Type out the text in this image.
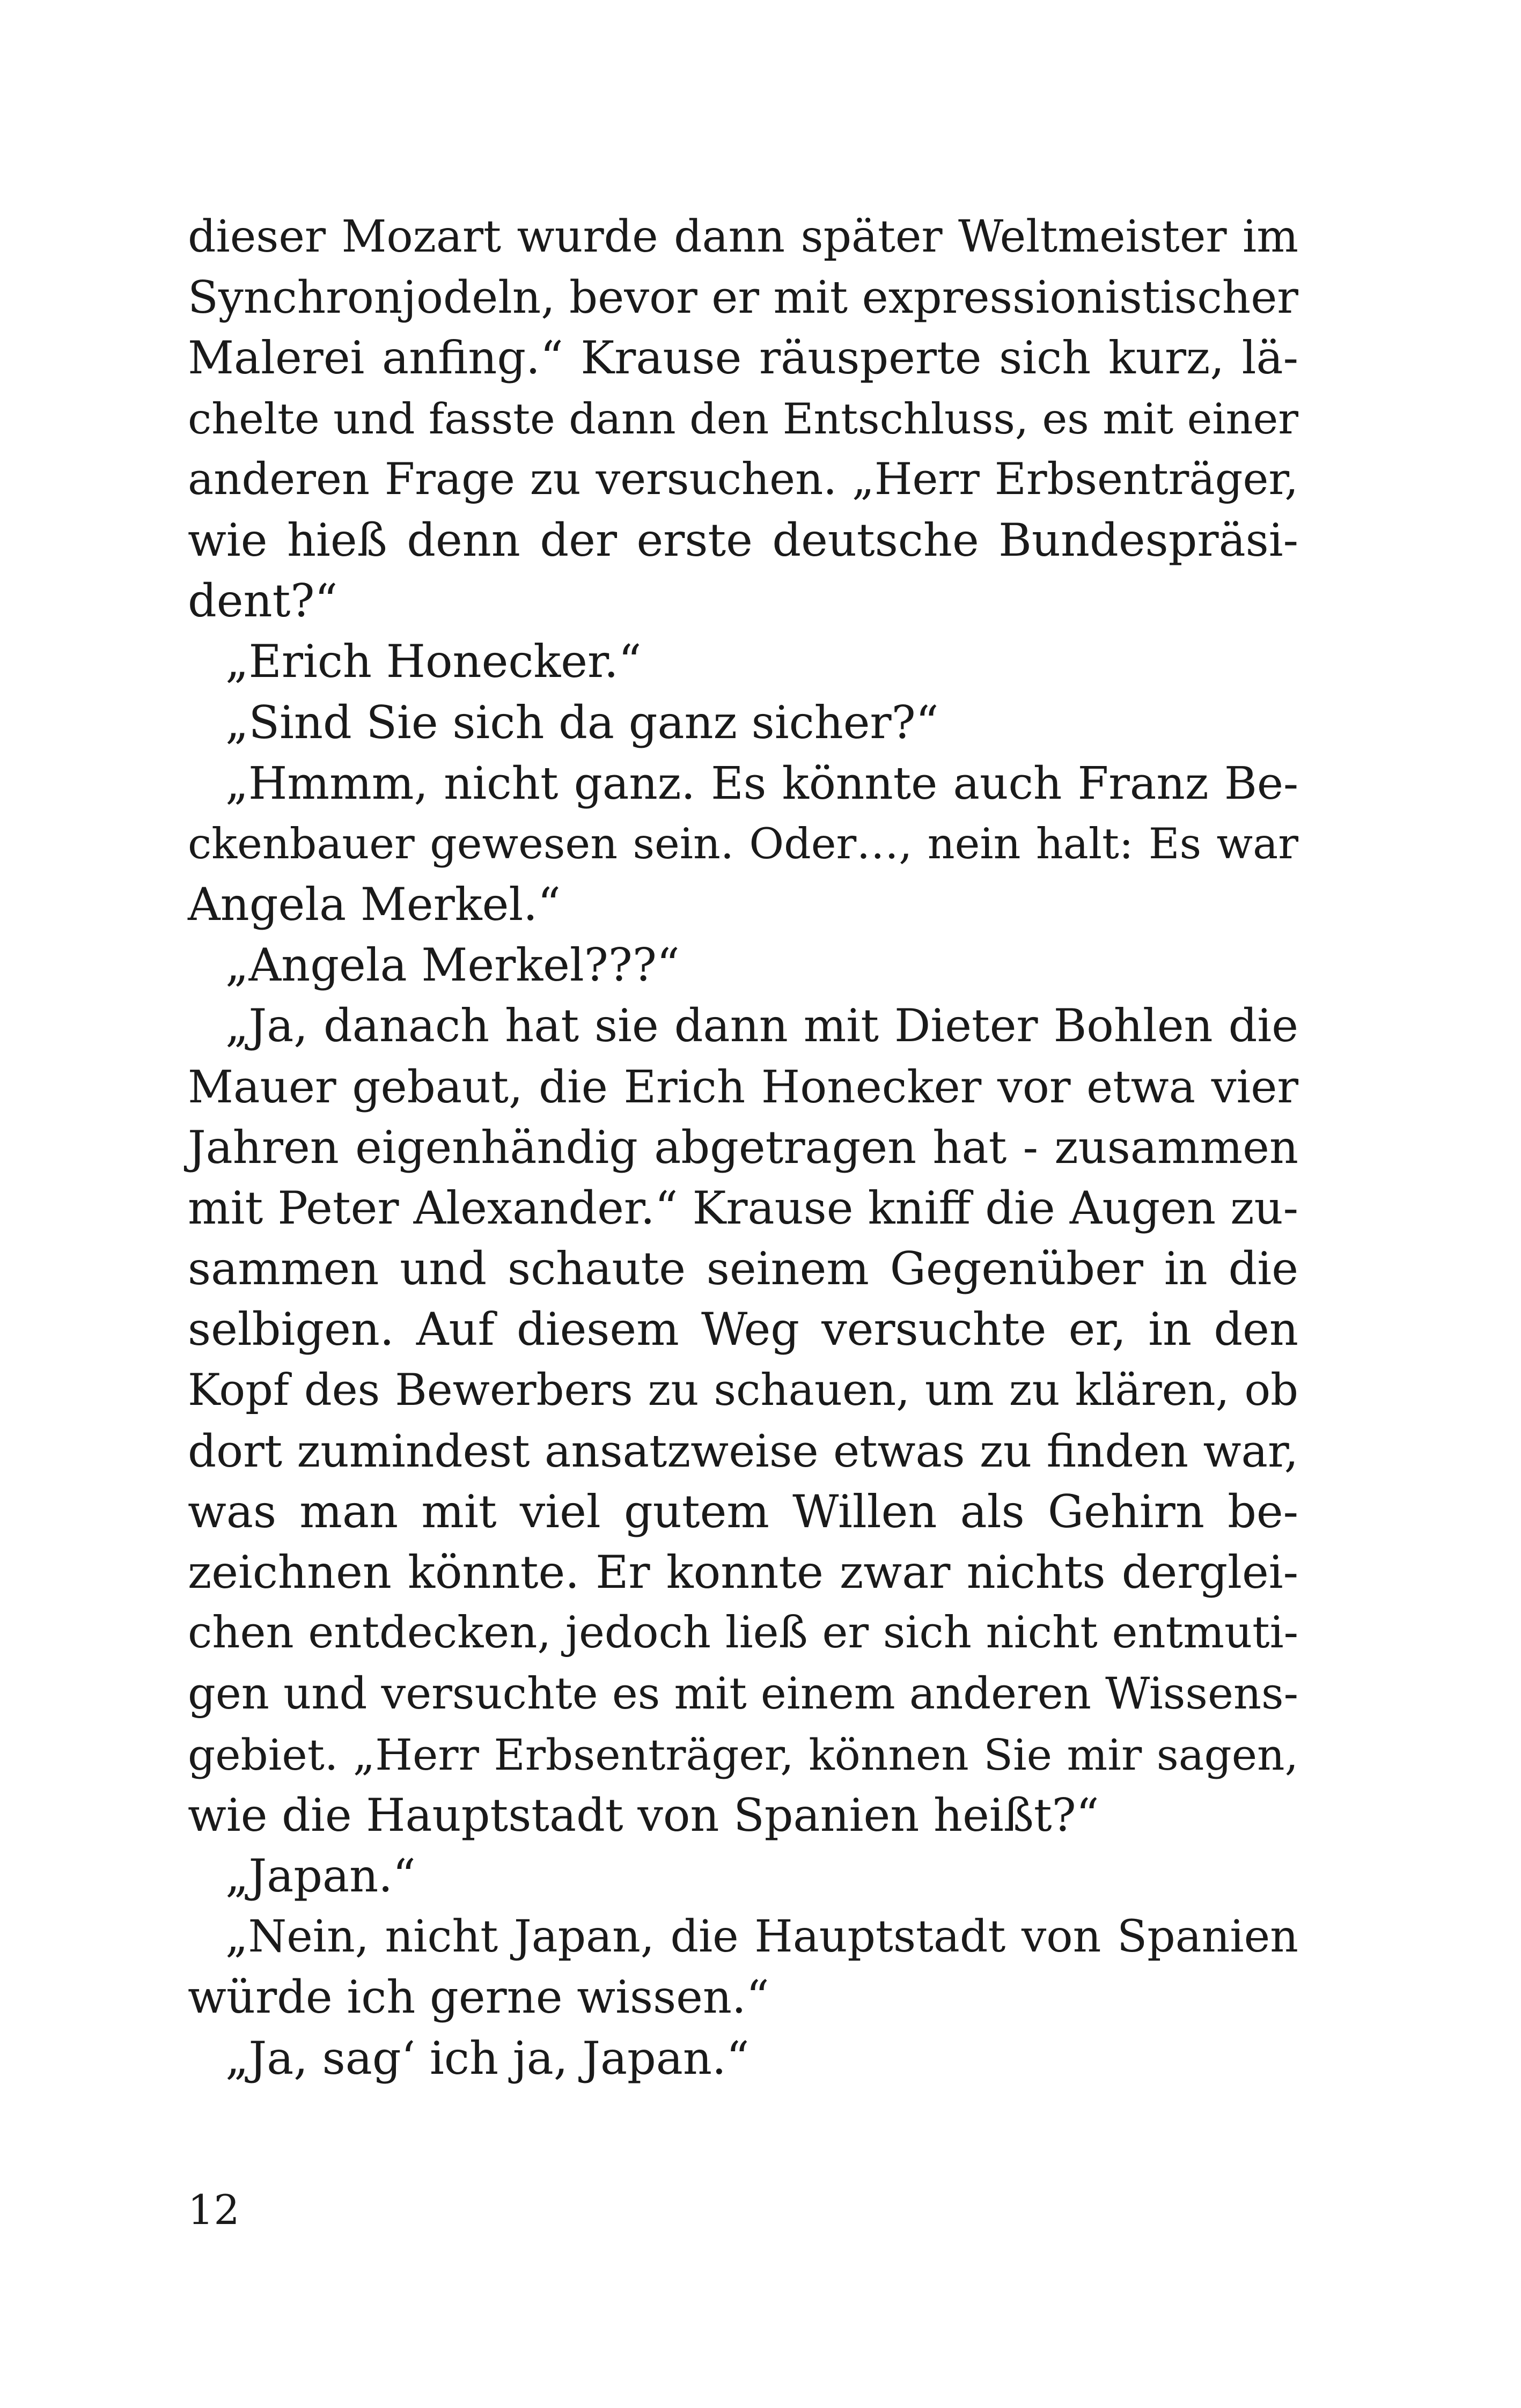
dieser Mozart wurde dann später Weltmeister im
Synchronjodeln, bevor er mit expressionistischer
Malerei anfing.“ Krause räusperte sich kurz, lä-
chelte und fasste dann den Entschluss, es mit einer
anderen Frage zu versuchen. „Herr Erbsenträger,
wie hieß denn der erste deutsche Bundespräsi-
dent?“
„Erich Honecker.“
„Sind Sie sich da ganz sicher?“
„Hmmm, nicht ganz. Es könnte auch Franz Be-
ckenbauer gewesen sein. Oder…, nein halt: Es war
Angela Merkel.“
„Angela Merkel???“
„Ja, danach hat sie dann mit Dieter Bohlen die
Mauer gebaut, die Erich Honecker vor etwa vier
Jahren eigenhändig abgetragen hat - zusammen
mit Peter Alexander.“ Krause kniff die Augen zu-
sammen und schaute seinem Gegenüber in die
selbigen. Auf diesem Weg versuchte er, in den
Kopf des Bewerbers zu schauen, um zu klären, ob
dort zumindest ansatzweise etwas zu finden war,
was man mit viel gutem Willen als Gehirn be-
zeichnen könnte. Er konnte zwar nichts derglei-
chen entdecken, jedoch ließ er sich nicht entmuti-
gen und versuchte es mit einem anderen Wissens-
gebiet. „Herr Erbsenträger, können Sie mir sagen,
wie die Hauptstadt von Spanien heißt?“
„Japan.“
„Nein, nicht Japan, die Hauptstadt von Spanien
würde ich gerne wissen.“
„Ja, sag‘ ich ja, Japan.“
12
